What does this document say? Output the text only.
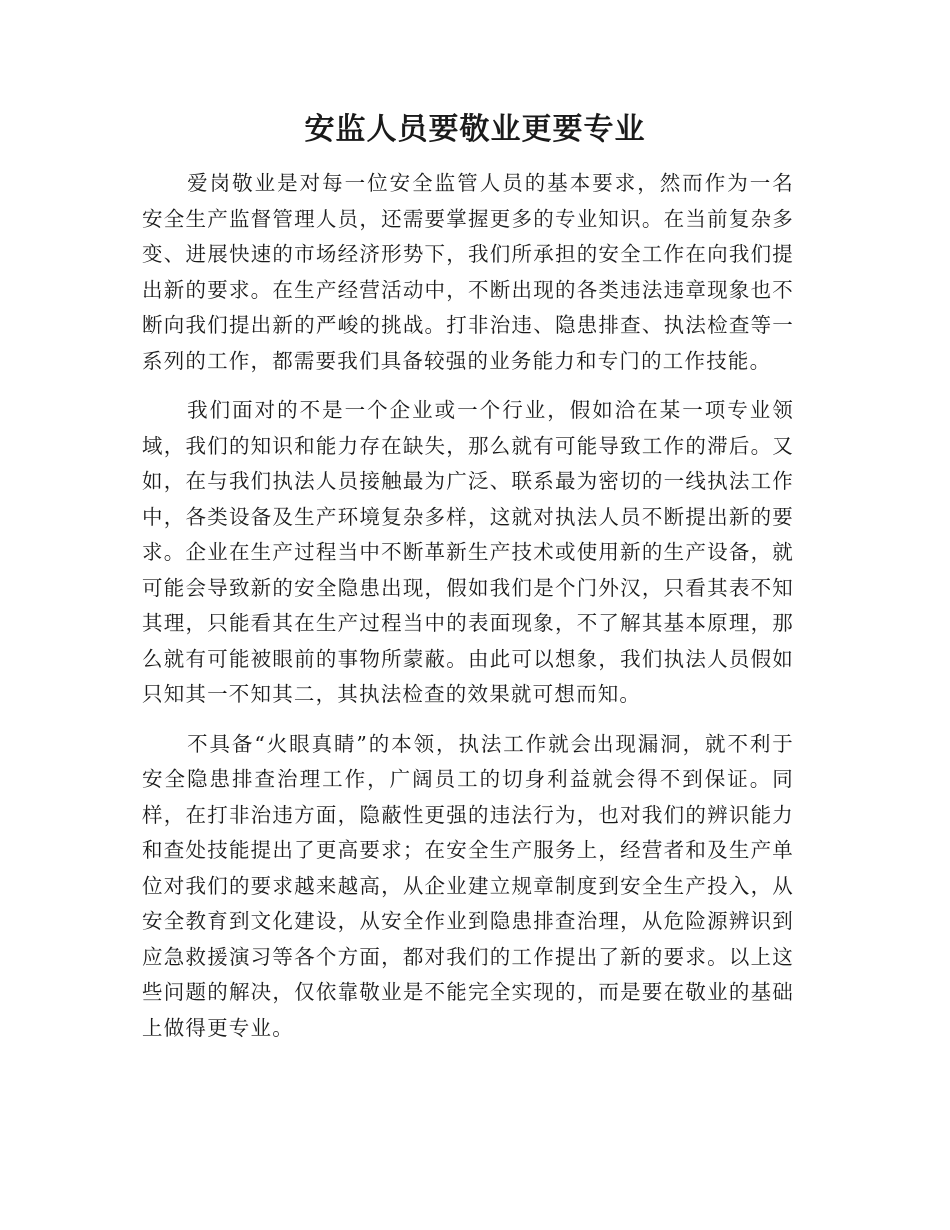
安监人员要敬业更要专业

爱岗敬业是对每一位安全监管人员的基本要求，然而作为一名安全生产监督管理人员，还需要掌握更多的专业知识。在当前复杂多变、进展快速的市场经济形势下，我们所承担的安全工作在向我们提出新的要求。在生产经营活动中，不断出现的各类违法违章现象也不断向我们提出新的严峻的挑战。打非治违、隐患排查、执法检查等一系列的工作，都需要我们具备较强的业务能力和专门的工作技能。

我们面对的不是一个企业或一个行业，假如洽在某一项专业领域，我们的知识和能力存在缺失，那么就有可能导致工作的滞后。又如，在与我们执法人员接触最为广泛、联系最为密切的一线执法工作中，各类设备及生产环境复杂多样，这就对执法人员不断提出新的要求。企业在生产过程当中不断革新生产技术或使用新的生产设备，就可能会导致新的安全隐患出现，假如我们是个门外汉，只看其表不知其理，只能看其在生产过程当中的表面现象，不了解其基本原理，那么就有可能被眼前的事物所蒙蔽。由此可以想象，我们执法人员假如只知其一不知其二，其执法检查的效果就可想而知。

不具备“火眼真睛”的本领，执法工作就会出现漏洞，就不利于安全隐患排查治理工作，广阔员工的切身利益就会得不到保证。同样，在打非治违方面，隐蔽性更强的违法行为，也对我们的辨识能力和查处技能提出了更高要求；在安全生产服务上，经营者和及生产单位对我们的要求越来越高，从企业建立规章制度到安全生产投入，从安全教育到文化建设，从安全作业到隐患排查治理，从危险源辨识到应急救援演习等各个方面，都对我们的工作提出了新的要求。以上这些问题的解决，仅依靠敬业是不能完全实现的，而是要在敬业的基础上做得更专业。
